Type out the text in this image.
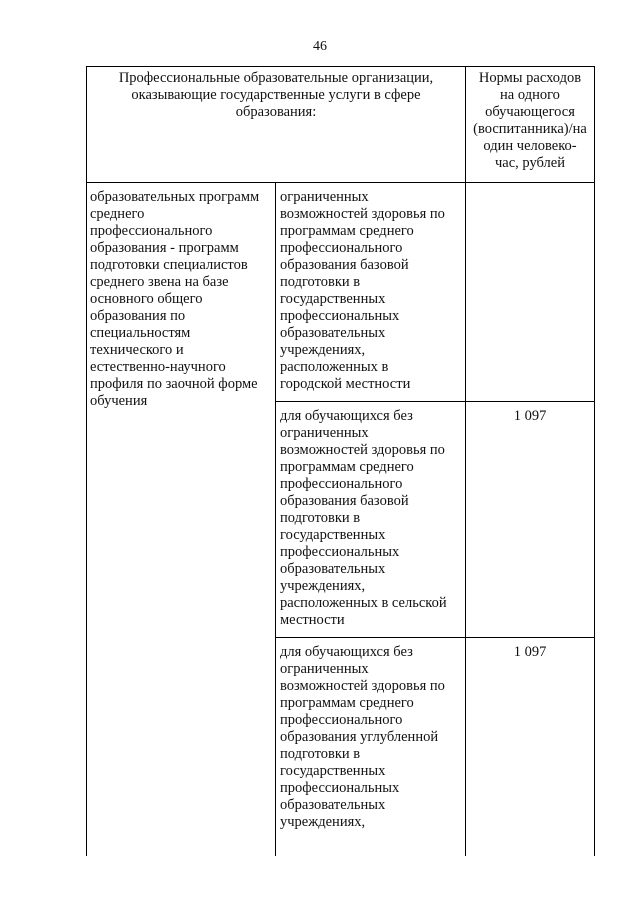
46
Профессиональные образовательные организации,
оказывающие государственные услуги в сфере
образования:
Нормы расходов
на одного
обучающегося
(воспитанника)/на
один человеко-
час, рублей
образовательных программ
среднего
профессионального
образования - программ
подготовки специалистов
среднего звена на базе
основного общего
образования по
специальностям
технического и
естественно-научного
профиля по заочной форме
обучения
ограниченных
возможностей здоровья по
программам среднего
профессионального
образования базовой
подготовки в
государственных
профессиональных
образовательных
учреждениях,
расположенных в
городской местности
для обучающихся без
ограниченных
возможностей здоровья по
программам среднего
профессионального
образования базовой
подготовки в
государственных
профессиональных
образовательных
учреждениях,
расположенных в сельской
местности
1 097
для обучающихся без
ограниченных
возможностей здоровья по
программам среднего
профессионального
образования углубленной
подготовки в
государственных
профессиональных
образовательных
учреждениях,
1 097
